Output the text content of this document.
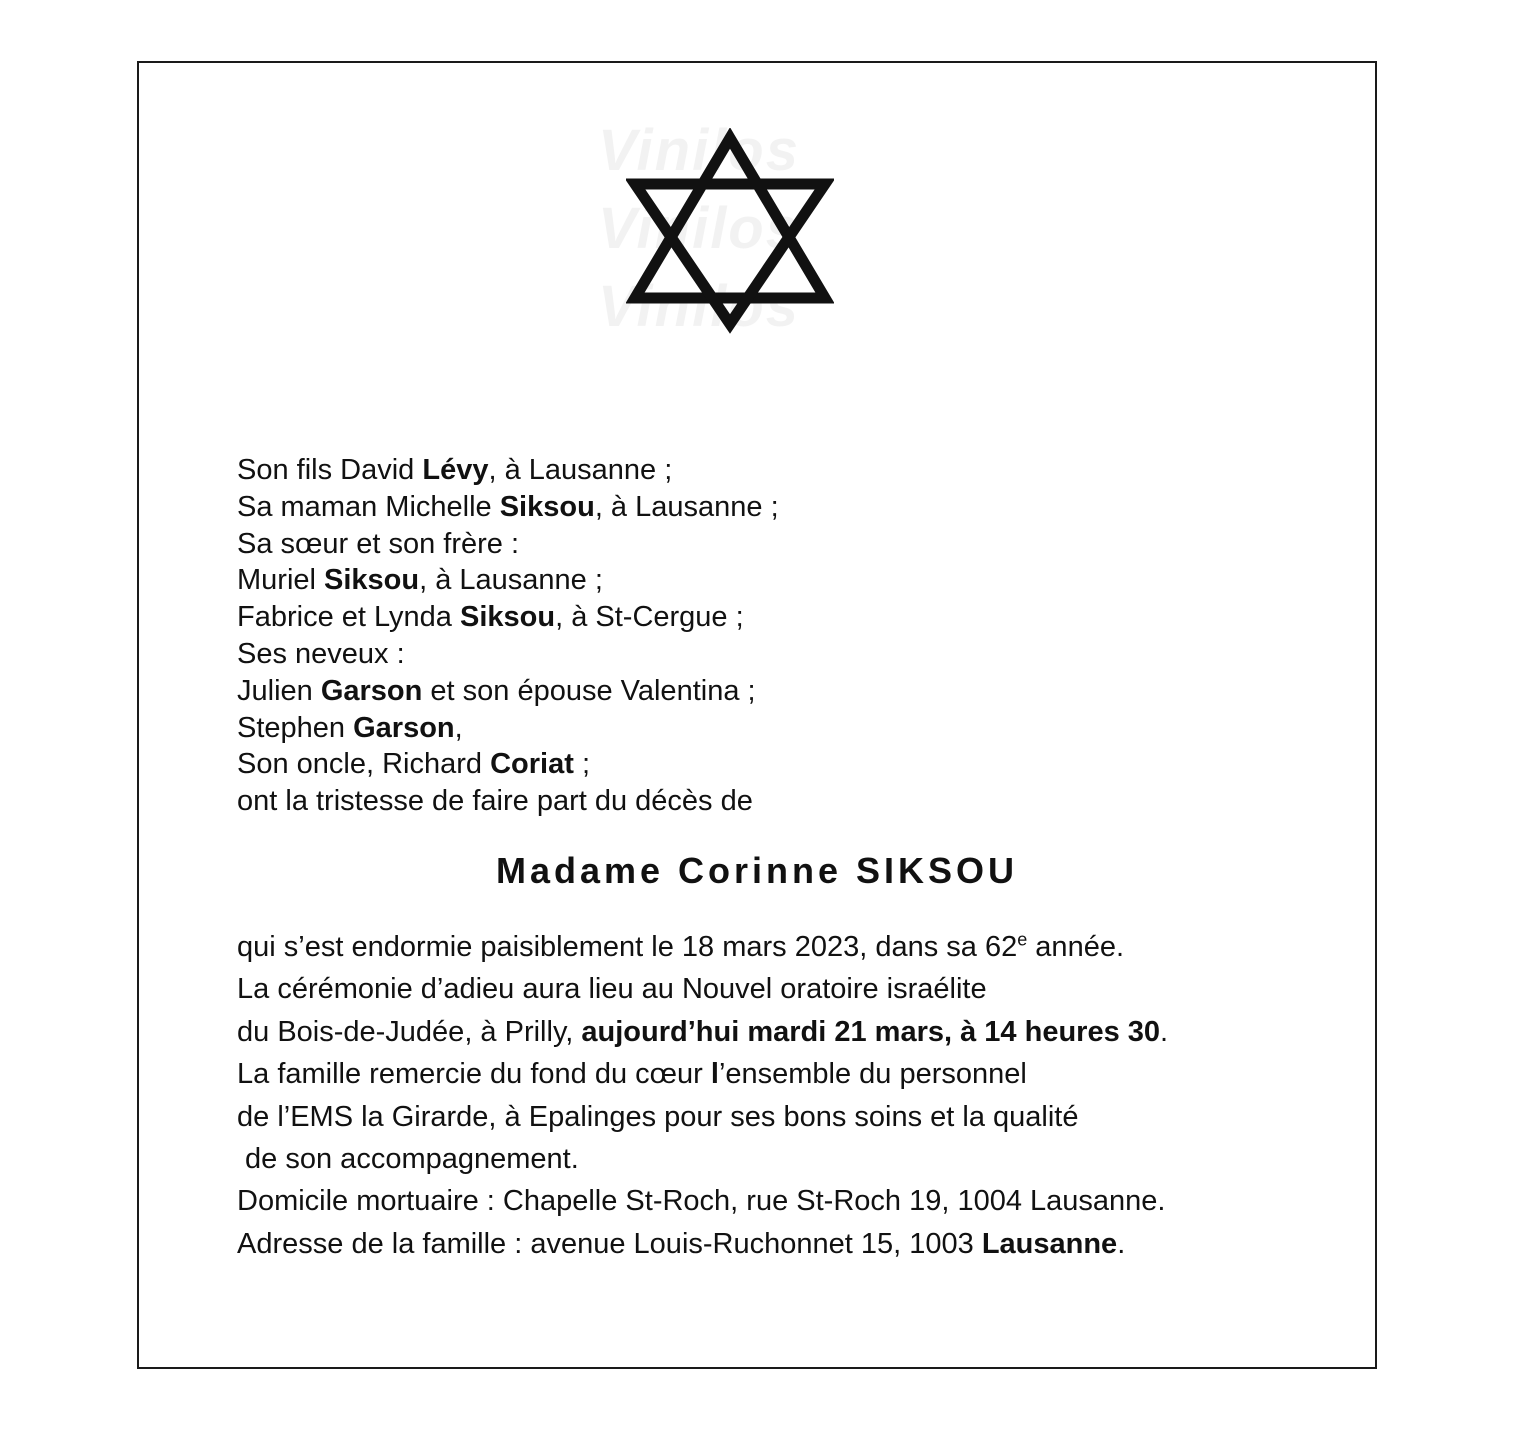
Vinilos
Vinilos
Vinilos
Son fils David Lévy, à Lausanne ;
Sa maman Michelle Siksou, à Lausanne ;
Sa sœur et son frère :
Muriel Siksou, à Lausanne ;
Fabrice et Lynda Siksou, à St-Cergue ;
Ses neveux :
Julien Garson et son épouse Valentina ;
Stephen Garson,
Son oncle, Richard Coriat ;
ont la tristesse de faire part du décès de
Madame Corinne SIKSOU
qui s’est endormie paisiblement le 18 mars 2023, dans sa 62e année.
La cérémonie d’adieu aura lieu au Nouvel oratoire israélite
du Bois-de-Judée, à Prilly, aujourd’hui mardi 21 mars, à 14 heures 30.
La famille remercie du fond du cœur l’ensemble du personnel
de l’EMS la Girarde, à Epalinges pour ses bons soins et la qualité
de son accompagnement.
Domicile mortuaire : Chapelle St-Roch, rue St-Roch 19, 1004 Lausanne.
Adresse de la famille : avenue Louis-Ruchonnet 15, 1003 Lausanne.
